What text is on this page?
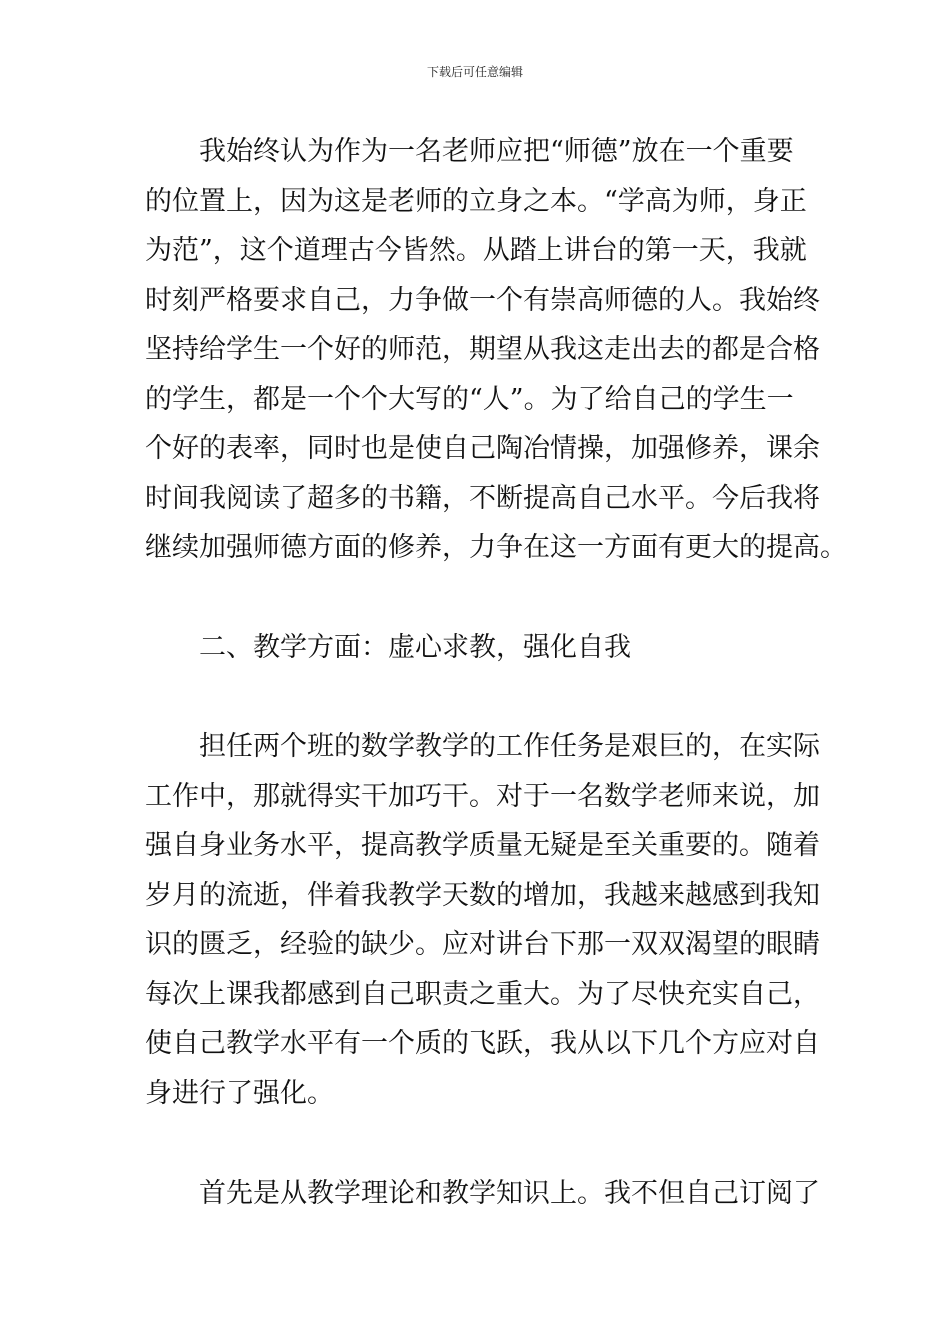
下载后可任意编辑
我始终认为作为一名老师应把“师德”放在一个重要
的位置上，因为这是老师的立身之本。“学高为师，身正
为范”，这个道理古今皆然。从踏上讲台的第一天，我就
时刻严格要求自己，力争做一个有崇高师德的人。我始终
坚持给学生一个好的师范，期望从我这走出去的都是合格
的学生，都是一个个大写的“人”。为了给自己的学生一
个好的表率，同时也是使自己陶冶情操，加强修养，课余
时间我阅读了超多的书籍，不断提高自己水平。今后我将
继续加强师德方面的修养，力争在这一方面有更大的提高。
二、教学方面：虚心求教，强化自我
担任两个班的数学教学的工作任务是艰巨的，在实际
工作中，那就得实干加巧干。对于一名数学老师来说，加
强自身业务水平，提高教学质量无疑是至关重要的。随着
岁月的流逝，伴着我教学天数的增加，我越来越感到我知
识的匮乏，经验的缺少。应对讲台下那一双双渴望的眼睛
每次上课我都感到自己职责之重大。为了尽快充实自己，
使自己教学水平有一个质的飞跃，我从以下几个方应对自
身进行了强化。
首先是从教学理论和教学知识上。我不但自己订阅了
